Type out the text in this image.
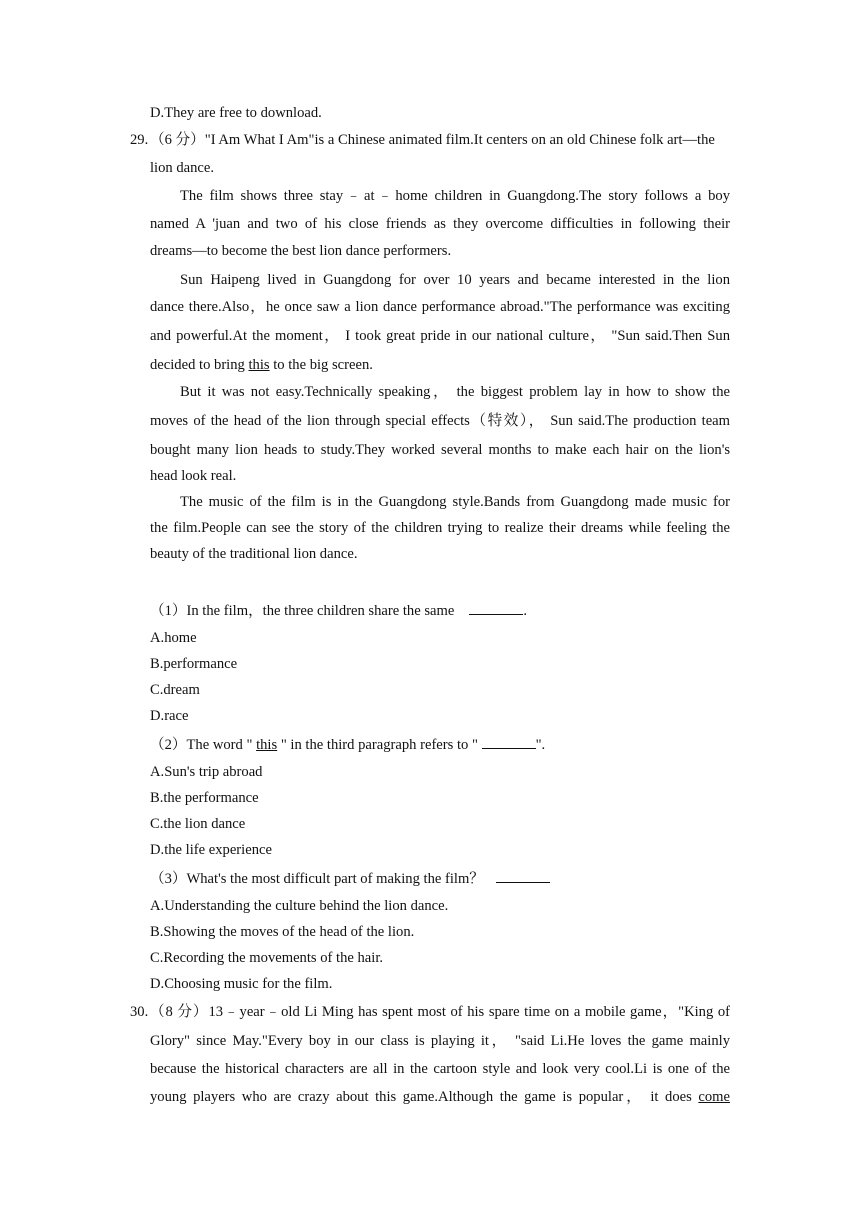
D.They are free to download.
29. （6 分）"I Am What I Am"is a Chinese animated film.It centers on an old Chinese folk art—the
lion dance.
The film shows three stay﹣at﹣home children in Guangdong.The story follows a boy
named A 'juan and two of his close friends as they overcome difficulties in following their
dreams—to become the best lion dance performers.
Sun Haipeng lived in Guangdong for over 10 years and became interested in the lion
dance there.Also，he once saw a lion dance performance abroad."The performance was exciting
and powerful.At the moment， I took great pride in our national culture， "Sun said.Then Sun
decided to bring this to the big screen.
But it was not easy.Technically speaking， the biggest problem lay in how to show the
moves of the head of the lion through special effects（特效）， Sun said.The production team
bought many lion heads to study.They worked several months to make each hair on the lion's
head look real.
The music of the film is in the Guangdong style.Bands from Guangdong made music for
the film.People can see the story of the children trying to realize their dreams while feeling the
beauty of the traditional lion dance.
（1）In the film，the three children share the same	.
A.home
B.performance
C.dream
D.race
（2）The word " this " in the third paragraph refers to "	".
A.Sun's trip abroad
B.the performance
C.the lion dance
D.the life experience
（3）What's the most difficult part of making the film？
A.Understanding the culture behind the lion dance.
B.Showing the moves of the head of the lion.
C.Recording the movements of the hair.
D.Choosing music for the film.
30. （8 分）13﹣year﹣old Li Ming has spent most of his spare time on a mobile game，"King of
Glory" since May."Every boy in our class is playing it， "said Li.He loves the game mainly
because the historical characters are all in the cartoon style and look very cool.Li is one of the
young players who are crazy about this game.Although the game is popular， it does come
